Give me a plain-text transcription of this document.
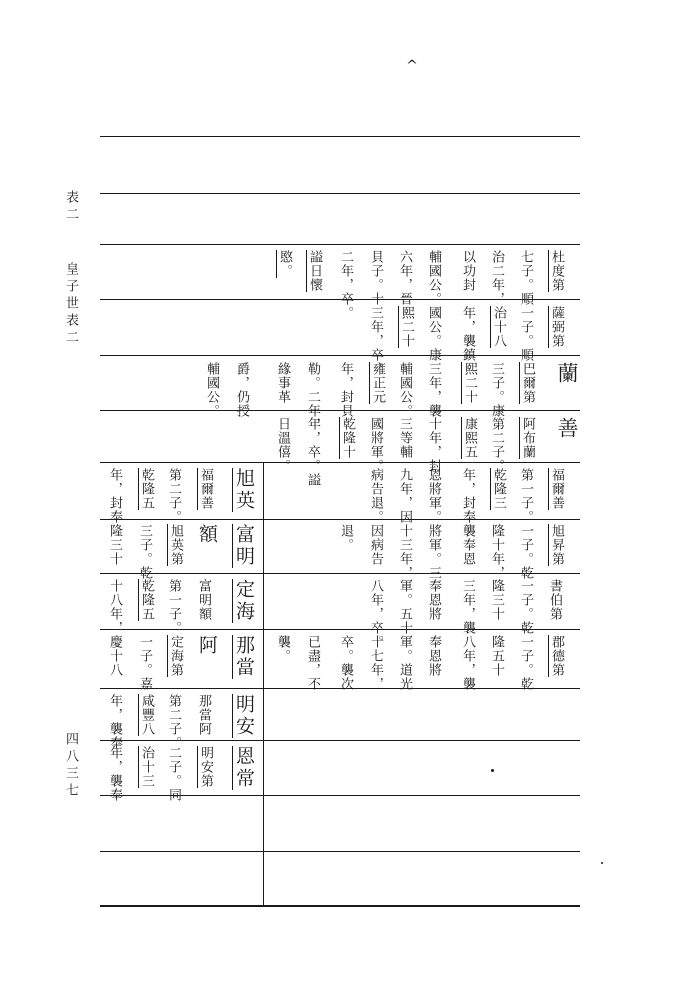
^
表二
皇子世表二
四八三七
杜度第
七子。順
治二年，
以功封
輔國公。
六年，晉
貝子。十
二年，卒。
謚日懷
愍。
薩弼第
一子。順
治十八
年，襲鎮
國公。康
熙二十
三年，卒。	蘭
巴爾第
三子。康
熙二十
三年，襲
輔國公。
雍正元
年，封貝
勒。二年，
緣事革
爵，仍授
輔國公。
善
阿布蘭
第二子。
康熙五
十年，封
三等輔
國將軍。
乾隆十
年，卒。謚
日溫僖。
福爾善
第一子。
乾隆三
年，封奉
恩將軍。
九年，因
病告退。
旭英
福爾善
第二子。
乾隆五
年，封奉
旭昇第
一子。乾
隆十年，
襲奉恩
將軍。三
十三年，
因病告
退。
富明
額
旭英第
三子。乾
隆三十
書伯第
一子。乾
隆三十
三年，襲
奉恩將
軍。五十
八年，卒。
定海
富明額
第一子。
乾隆五
十八年，
郡德第
一子。乾
隆五十
八年，襲
奉恩將
軍。道光
十七年，
卒。襲次
已盡，不
襲。
那當
阿
定海第
一子。嘉
慶十八
明安
那當阿
第二子。
咸豐八
年，襲奉
恩常
明安第
二子。同
治十三
年，襲奉
